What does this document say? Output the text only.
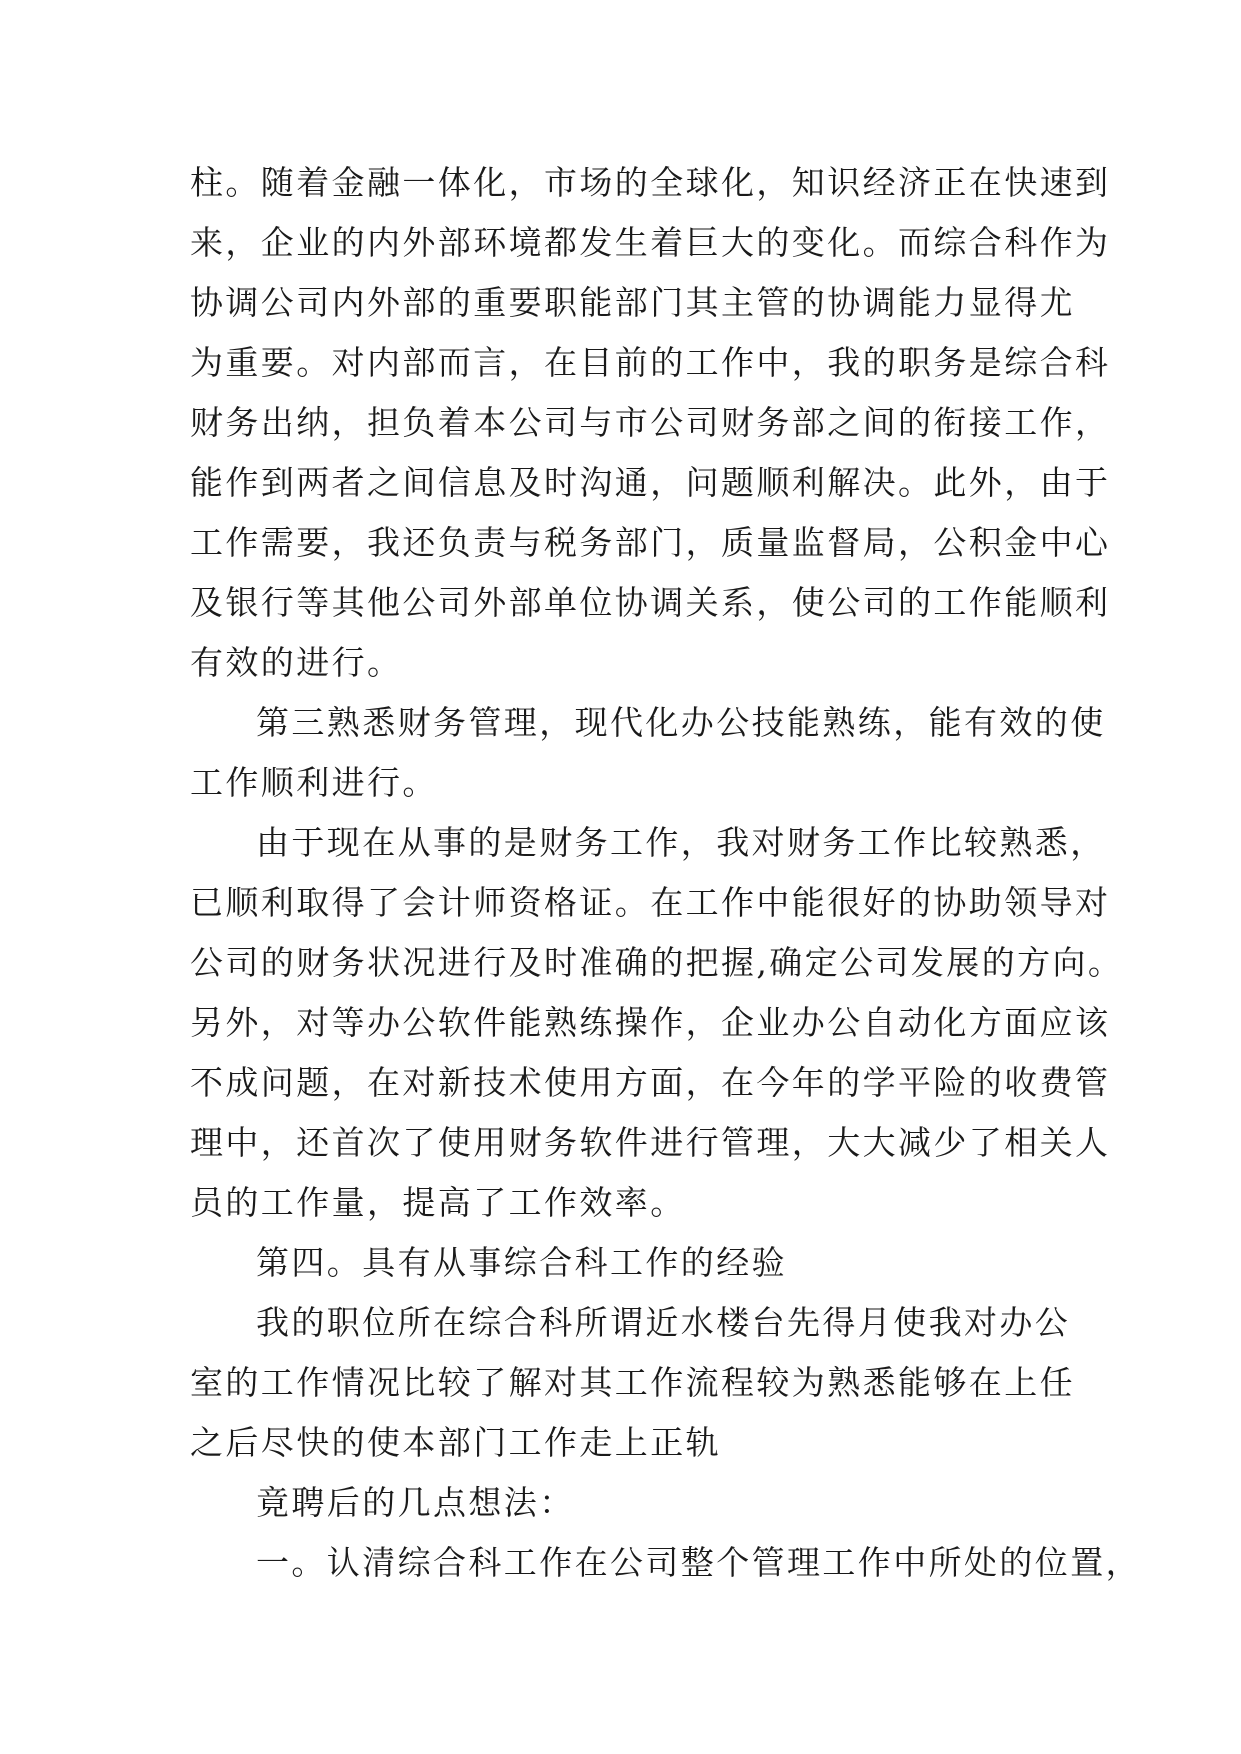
柱。随着金融一体化，市场的全球化，知识经济正在快速到
来，企业的内外部环境都发生着巨大的变化。而综合科作为
协调公司内外部的重要职能部门其主管的协调能力显得尤
为重要。对内部而言，在目前的工作中，我的职务是综合科
财务出纳，担负着本公司与市公司财务部之间的衔接工作，
能作到两者之间信息及时沟通，问题顺利解决。此外，由于
工作需要，我还负责与税务部门，质量监督局，公积金中心
及银行等其他公司外部单位协调关系，使公司的工作能顺利
有效的进行。
第三熟悉财务管理，现代化办公技能熟练，能有效的使
工作顺利进行。
由于现在从事的是财务工作，我对财务工作比较熟悉，
已顺利取得了会计师资格证。在工作中能很好的协助领导对
公司的财务状况进行及时准确的把握,确定公司发展的方向。
另外，对等办公软件能熟练操作，企业办公自动化方面应该
不成问题，在对新技术使用方面，在今年的学平险的收费管
理中，还首次了使用财务软件进行管理，大大减少了相关人
员的工作量，提高了工作效率。
第四。具有从事综合科工作的经验
我的职位所在综合科所谓近水楼台先得月使我对办公
室的工作情况比较了解对其工作流程较为熟悉能够在上任
之后尽快的使本部门工作走上正轨
竟聘后的几点想法：
一。认清综合科工作在公司整个管理工作中所处的位置，
